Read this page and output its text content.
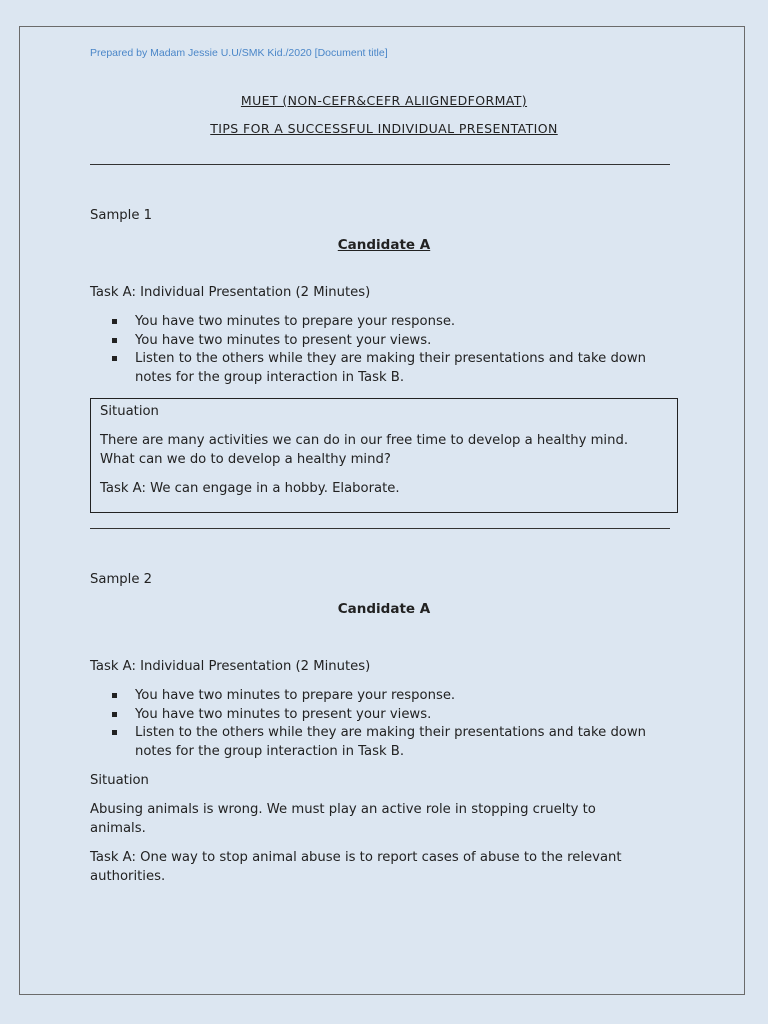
Prepared by Madam Jessie U.U/SMK Kid./2020 [Document title]
MUET (NON-CEFR&CEFR ALIIGNEDFORMAT)
TIPS FOR A SUCCESSFUL INDIVIDUAL PRESENTATION
Sample 1
Candidate A
Task A: Individual Presentation (2 Minutes)
You have two minutes to prepare your response.
You have two minutes to present your views.
Listen to the others while they are making their presentations and take down
notes for the group interaction in Task B.
Situation
There are many activities we can do in our free time to develop a healthy mind.
What can we do to develop a healthy mind?
Task A: We can engage in a hobby. Elaborate.
Sample 2
Candidate A
Task A: Individual Presentation (2 Minutes)
You have two minutes to prepare your response.
You have two minutes to present your views.
Listen to the others while they are making their presentations and take down
notes for the group interaction in Task B.
Situation
Abusing animals is wrong. We must play an active role in stopping cruelty to
animals.
Task A: One way to stop animal abuse is to report cases of abuse to the relevant
authorities.
